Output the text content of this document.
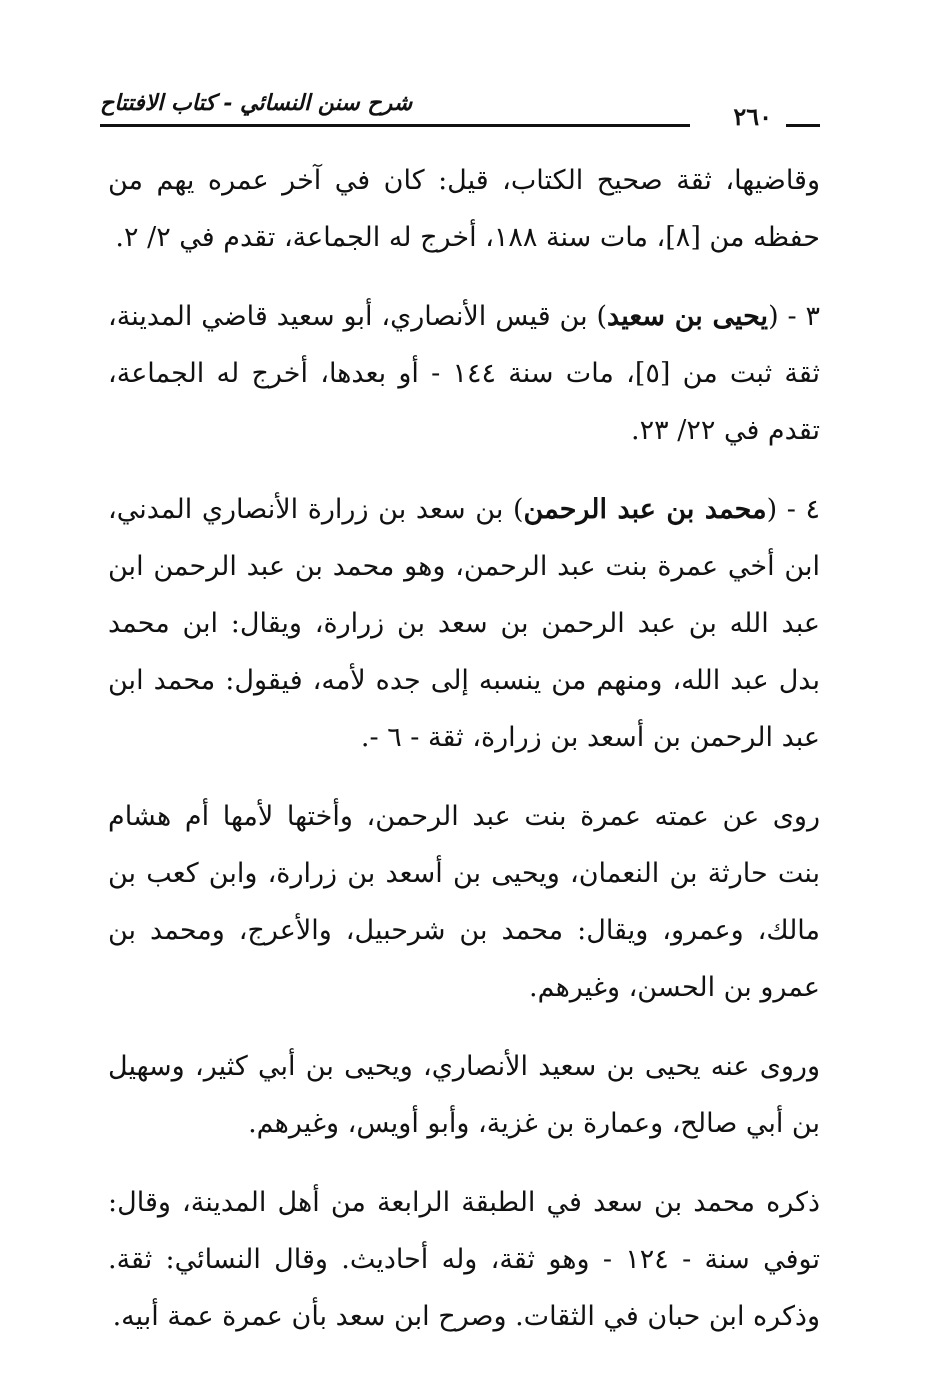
شرح سنن النسائي - كتاب الافتتاح	٢٦٠

وقاضيها، ثقة صحيح الكتاب، قيل: كان في آخر عمره يهم من حفظه من [٨]، مات سنة ١٨٨، أخرج له الجماعة، تقدم في ٢/ ٢.

٣ - (يحيى بن سعيد) بن قيس الأنصاري، أبو سعيد قاضي المدينة، ثقة ثبت من [٥]، مات سنة ١٤٤ - أو بعدها، أخرج له الجماعة، تقدم في ٢٢/ ٢٣.

٤ - (محمد بن عبد الرحمن) بن سعد بن زرارة الأنصاري المدني، ابن أخي عمرة بنت عبد الرحمن، وهو محمد بن عبد الرحمن ابن عبد الله بن عبد الرحمن بن سعد بن زرارة، ويقال: ابن محمد بدل عبد الله، ومنهم من ينسبه إلى جده لأمه، فيقول: محمد ابن عبد الرحمن بن أسعد بن زرارة، ثقة - ٦ -.

روى عن عمته عمرة بنت عبد الرحمن، وأختها لأمها أم هشام بنت حارثة بن النعمان، ويحيى بن أسعد بن زرارة، وابن كعب بن مالك، وعمرو، ويقال: محمد بن شرحبيل، والأعرج، ومحمد بن عمرو بن الحسن، وغيرهم.

وروى عنه يحيى بن سعيد الأنصاري، ويحيى بن أبي كثير، وسهيل بن أبي صالح، وعمارة بن غزية، وأبو أويس، وغيرهم.

ذكره محمد بن سعد في الطبقة الرابعة من أهل المدينة، وقال: توفي سنة - ١٢٤ - وهو ثقة، وله أحاديث. وقال النسائي: ثقة. وذكره ابن حبان في الثقات. وصرح ابن سعد بأن عمرة عمة أبيه.
